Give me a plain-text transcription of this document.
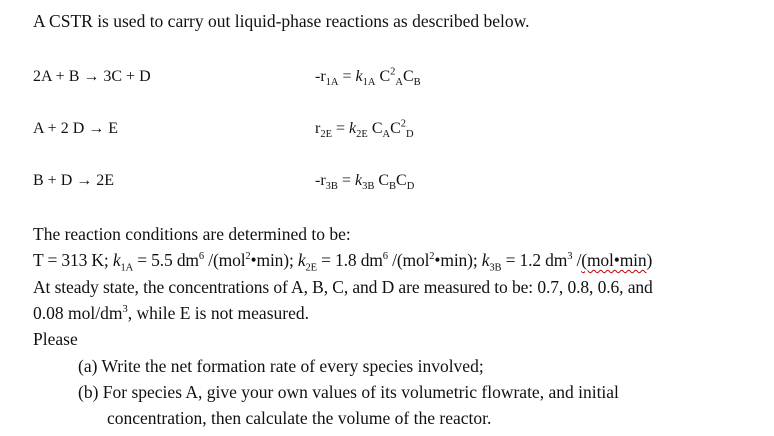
A CSTR is used to carry out liquid-phase reactions as described below.
2A + B → 3C + D	$-r_{1A} = k_{1A}$ $C^2_AC_B$
A + 2 D → E	$r_{2E} = k_{2E}$ $C_AC^2_D$
B + D → 2E	$-r_{3B} = k_{3B}$ $C_BC_D$
The reaction conditions are determined to be:
T = 313 K; $k_{1A} = 5.5$ $dm^6$ /(mol$^2$•min); $k_{2E} = 1.8$ $dm^6$ /(mol$^2$•min); $k_{3B} = 1.2$ $dm^3$ /(mol•min)
At steady state, the concentrations of A, B, C, and D are measured to be: 0.7, 0.8, 0.6, and
0.08 mol/$dm^3$, while E is not measured.
Please
(a) Write the net formation rate of every species involved;
(b) For species A, give your own values of its volumetric flowrate, and initial
concentration, then calculate the volume of the reactor.
